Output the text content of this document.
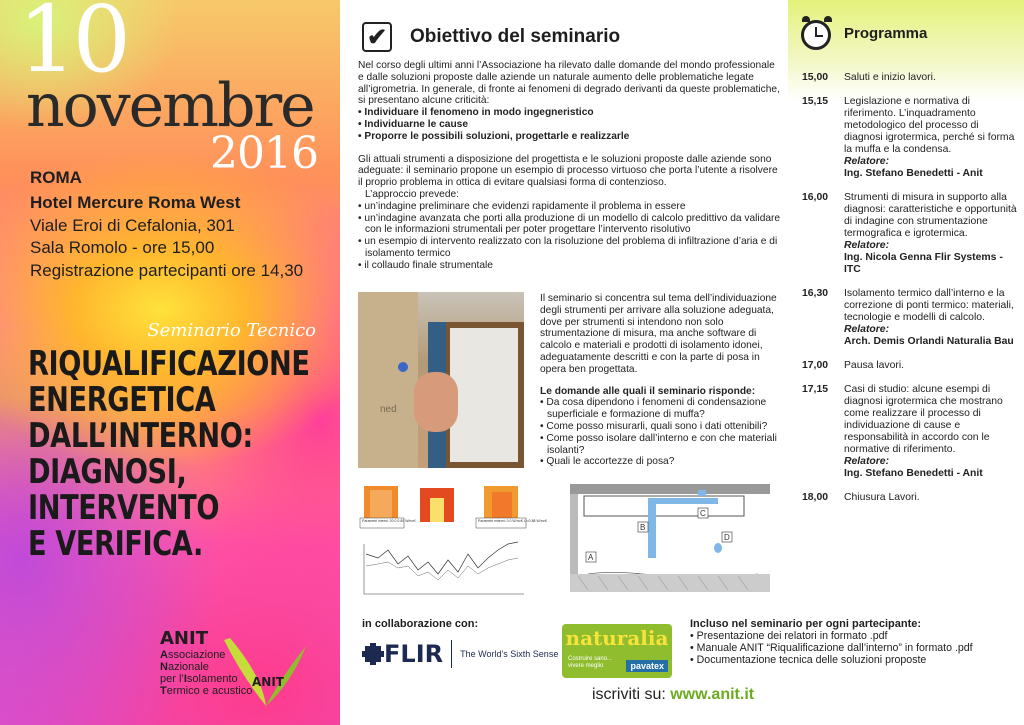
10
novembre
2016
ROMA
Hotel Mercure Roma West
Viale Eroi di Cefalonia, 301
Sala Romolo - ore 15,00
Registrazione partecipanti ore 14,30
Seminario Tecnico
RIQUALIFICAZIONE
ENERGETICA
DALL’INTERNO:
DIAGNOSI,
INTERVENTO
E VERIFICA.
ANIT
Associazione
Nazionale
per l’Isolamento
Termico e acustico
ANIT
✔ Obiettivo del seminario

Nel corso degli ultimi anni l’Associazione ha rilevato dalle domande del mondo professionale e dalle soluzioni proposte dalle aziende un naturale aumento delle problematiche legate all’igrometria. In generale, di fronte ai fenomeni di degrado derivanti da queste problematiche, si presentano alcune criticità:

• Individuare il fenomeno in modo ingegneristico

• Individuarne le cause

• Proporre le possibili soluzioni, progettarle e realizzarle

Gli attuali strumenti a disposizione del progettista e le soluzioni proposte dalle aziende sono adeguate: il seminario propone un esempio di processo virtuoso che porta l’utente a risolvere il proprio problema in ottica di evitare qualsiasi forma di contenzioso.

L’approccio prevede:

• un’indagine preliminare che evidenzi rapidamente il problema in essere

• un’indagine avanzata che porti alla produzione di un modello di calcolo predittivo da validare con le informazioni strumentali per poter progettare l’intervento risolutivo

• un esempio di intervento realizzato con la risoluzione del problema di infiltrazione d’aria e di isolamento termico

• il collaudo finale strumentale

ned

Il seminario si concentra sul tema dell’individuazione degli strumenti per arrivare alla soluzione adeguata, dove per strumenti si intendono non solo strumentazione di misura, ma anche software di calcolo e materiali e prodotti di isolamento idonei, adeguatamente descritti e con la parte di posa in opera ben progettata.

Le domande alle quali il seminario risponde:

• Da cosa dipendono i fenomeni di condensazione superficiale e formazione di muffa?

• Come posso misurarli, quali sono i dati ottenibili?

• Come posso isolare dall’interno e con che materiali isolanti?

• Quali le accortezze di posa?

Parametri interni: 20.0 0.80 W/m²K	Parametri esterni: 0.0 W/m²K U=0.88 W/m²K
A
B
C
D
in collaborazione con:
FLIR The World’s Sixth Sense
naturalia
Costruire sano...
vivere meglio	pavatex
Programma
15,00	Saluti e inizio lavori.
15,15	Legislazione e normativa di riferimento. L’inquadramento metodologico del processo di diagnosi igrotermica, perché si forma la muffa e la condensa.
Relatore:
Ing. Stefano Benedetti - Anit
16,00	Strumenti di misura in supporto alla diagnosi: caratteristiche e opportunità di indagine con strumentazione termografica e igrotermica.
Relatore:
Ing. Nicola Genna Flir Systems - ITC
16,30	Isolamento termico dall’interno e la correzione di ponti termico: materiali, tecnologie e modelli di calcolo.
Relatore:
Arch. Demis Orlandi Naturalia Bau
17,00	Pausa lavori.
17,15	Casi di studio: alcune esempi di diagnosi igrotermica che mostrano come realizzare il processo di individuazione di cause e responsabilità in accordo con le normative di riferimento.
Relatore:
Ing. Stefano Benedetti - Anit
18,00	Chiusura Lavori.
Incluso nel seminario per ogni partecipante:
• Presentazione dei relatori in formato .pdf
• Manuale ANIT “Riqualificazione dall’interno” in formato .pdf
• Documentazione tecnica delle soluzioni proposte
iscriviti su: www.anit.it
